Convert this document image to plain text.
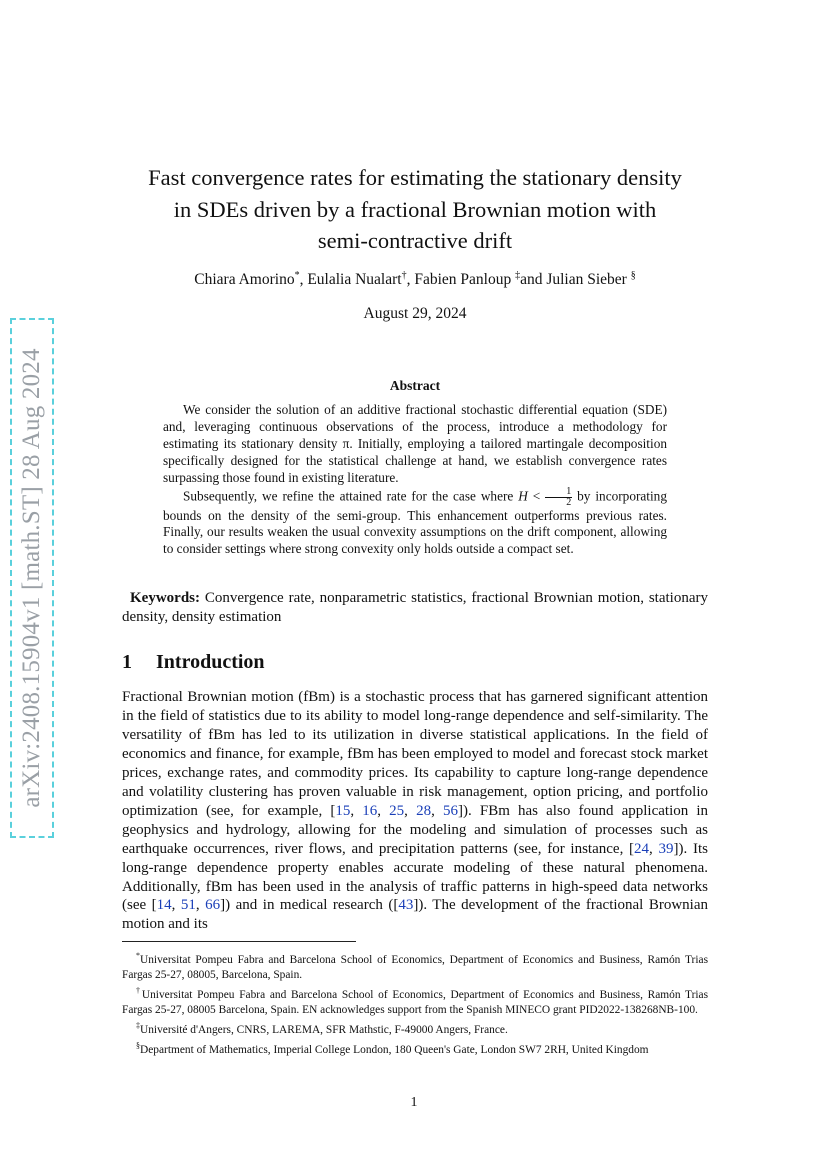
arXiv:2408.15904v1 [math.ST] 28 Aug 2024
Fast convergence rates for estimating the stationary density
in SDEs driven by a fractional Brownian motion with
semi-contractive drift
Chiara Amorino*, Eulalia Nualart†, Fabien Panloup ‡and Julian Sieber §
August 29, 2024
Abstract

We consider the solution of an additive fractional stochastic differential equation (SDE) and, leveraging continuous observations of the process, introduce a methodology for estimating its stationary density π. Initially, employing a tailored martingale decomposition specifically designed for the statistical challenge at hand, we establish convergence rates surpassing those found in existing literature.

Subsequently, we refine the attained rate for the case where $H < \frac{1}{2}$ by incorporating bounds on the density of the semi-group. This enhancement outperforms previous rates. Finally, our results weaken the usual convexity assumptions on the drift component, allowing to consider settings where strong convexity only holds outside a compact set.

Keywords: Convergence rate, nonparametric statistics, fractional Brownian motion, stationary density, density estimation
1 Introduction
Fractional Brownian motion (fBm) is a stochastic process that has garnered significant attention in the field of statistics due to its ability to model long-range dependence and self-similarity. The versatility of fBm has led to its utilization in diverse statistical applications. In the field of economics and finance, for example, fBm has been employed to model and forecast stock market prices, exchange rates, and commodity prices. Its capability to capture long-range dependence and volatility clustering has proven valuable in risk management, option pricing, and portfolio optimization (see, for example, [15, 16, 25, 28, 56]). FBm has also found application in geophysics and hydrology, allowing for the modeling and simulation of processes such as earthquake occurrences, river flows, and precipitation patterns (see, for instance, [24, 39]). Its long-range dependence property enables accurate modeling of these natural phenomena. Additionally, fBm has been used in the analysis of traffic patterns in high-speed data networks (see [14, 51, 66]) and in medical research ([43]). The development of the fractional Brownian motion and its

*Universitat Pompeu Fabra and Barcelona School of Economics, Department of Economics and Business, Ramón Trias Fargas 25-27, 08005, Barcelona, Spain.

†Universitat Pompeu Fabra and Barcelona School of Economics, Department of Economics and Business, Ramón Trias Fargas 25-27, 08005 Barcelona, Spain. EN acknowledges support from the Spanish MINECO grant PID2022-138268NB-100.

‡Université d'Angers, CNRS, LAREMA, SFR Mathstic, F-49000 Angers, France.

§Department of Mathematics, Imperial College London, 180 Queen's Gate, London SW7 2RH, United Kingdom

1
